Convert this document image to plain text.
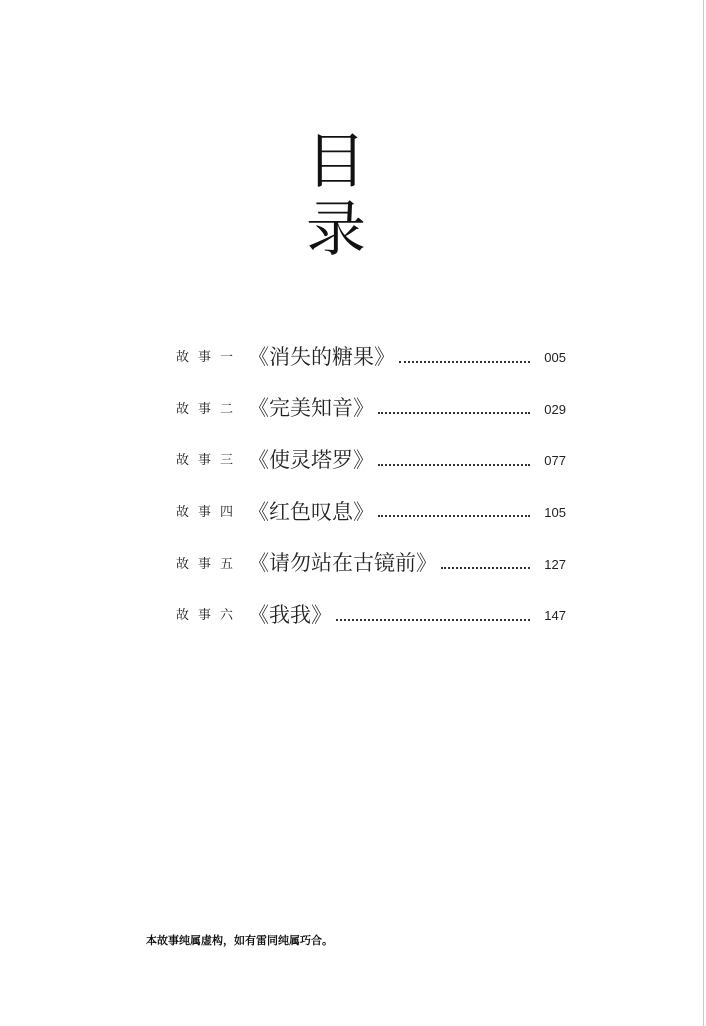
目
录
故事一 《消失的糖果》	005
故事二 《完美知音》	029
故事三 《使灵塔罗》	077
故事四 《红色叹息》	105
故事五 《请勿站在古镜前》	127
故事六 《我我》	147
本故事纯属虚构，如有雷同纯属巧合。
